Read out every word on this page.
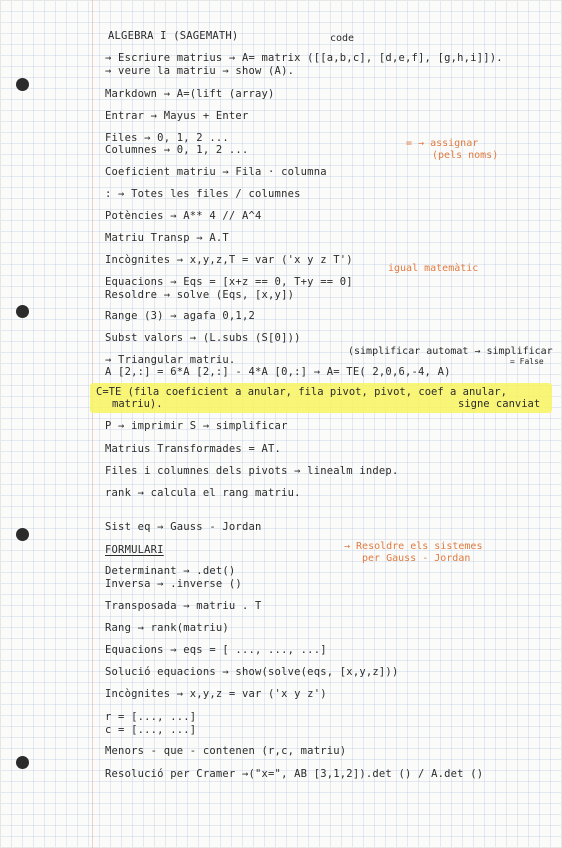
ALGEBRA I (SAGEMATH)	code
→ Escriure matrius → A= matrix ([[a,b,c], [d,e,f], [g,h,i]]).
→ veure la matriu → show (A).
Markdown → A=(lift (array)
Entrar → Mayus + Enter
Files → 0, 1, 2 ...
Columnes → 0, 1, 2 ...
= → assignar
(pels noms)
Coeficient matriu → Fila · columna
: → Totes les files / columnes
Potències → A** 4 // A^4
Matriu Transp → A.T
Incògnites → x,y,z,T = var ('x y z T')
Equacions → Eqs = [x+z == 0, T+y == 0]
igual matemàtic
Resoldre → solve (Eqs, [x,y])
Range (3) → agafa 0,1,2
Subst valors → (L.subs (S[0]))
(simplificar automat → simplificar
= False
→ Triangular matriu.
A [2,:] = 6*A [2,:] - 4*A [0,:] → A= TE( 2,0,6,-4, A)
C=TE (fila coeficient a anular, fila pivot, pivot, coef a anular,
matriu).	signe canviat
P → imprimir S → simplificar
Matrius Transformades = AT.
Files i columnes dels pivots → linealm indep.
rank → calcula el rang matriu.
Sist eq → Gauss - Jordan
→ Resoldre els sistemes
per Gauss - Jordan
FORMULARI
Determinant → .det()
Inversa → .inverse ()
Transposada → matriu . T
Rang → rank(matriu)
Equacions → eqs = [ ..., ..., ...]
Solució equacions → show(solve(eqs, [x,y,z]))
Incògnites → x,y,z = var ('x y z')
r = [..., ...]
c = [..., ...]
Menors - que - contenen (r,c, matriu)
Resolució per Cramer →("x=", AB [3,1,2]).det () / A.det ()
